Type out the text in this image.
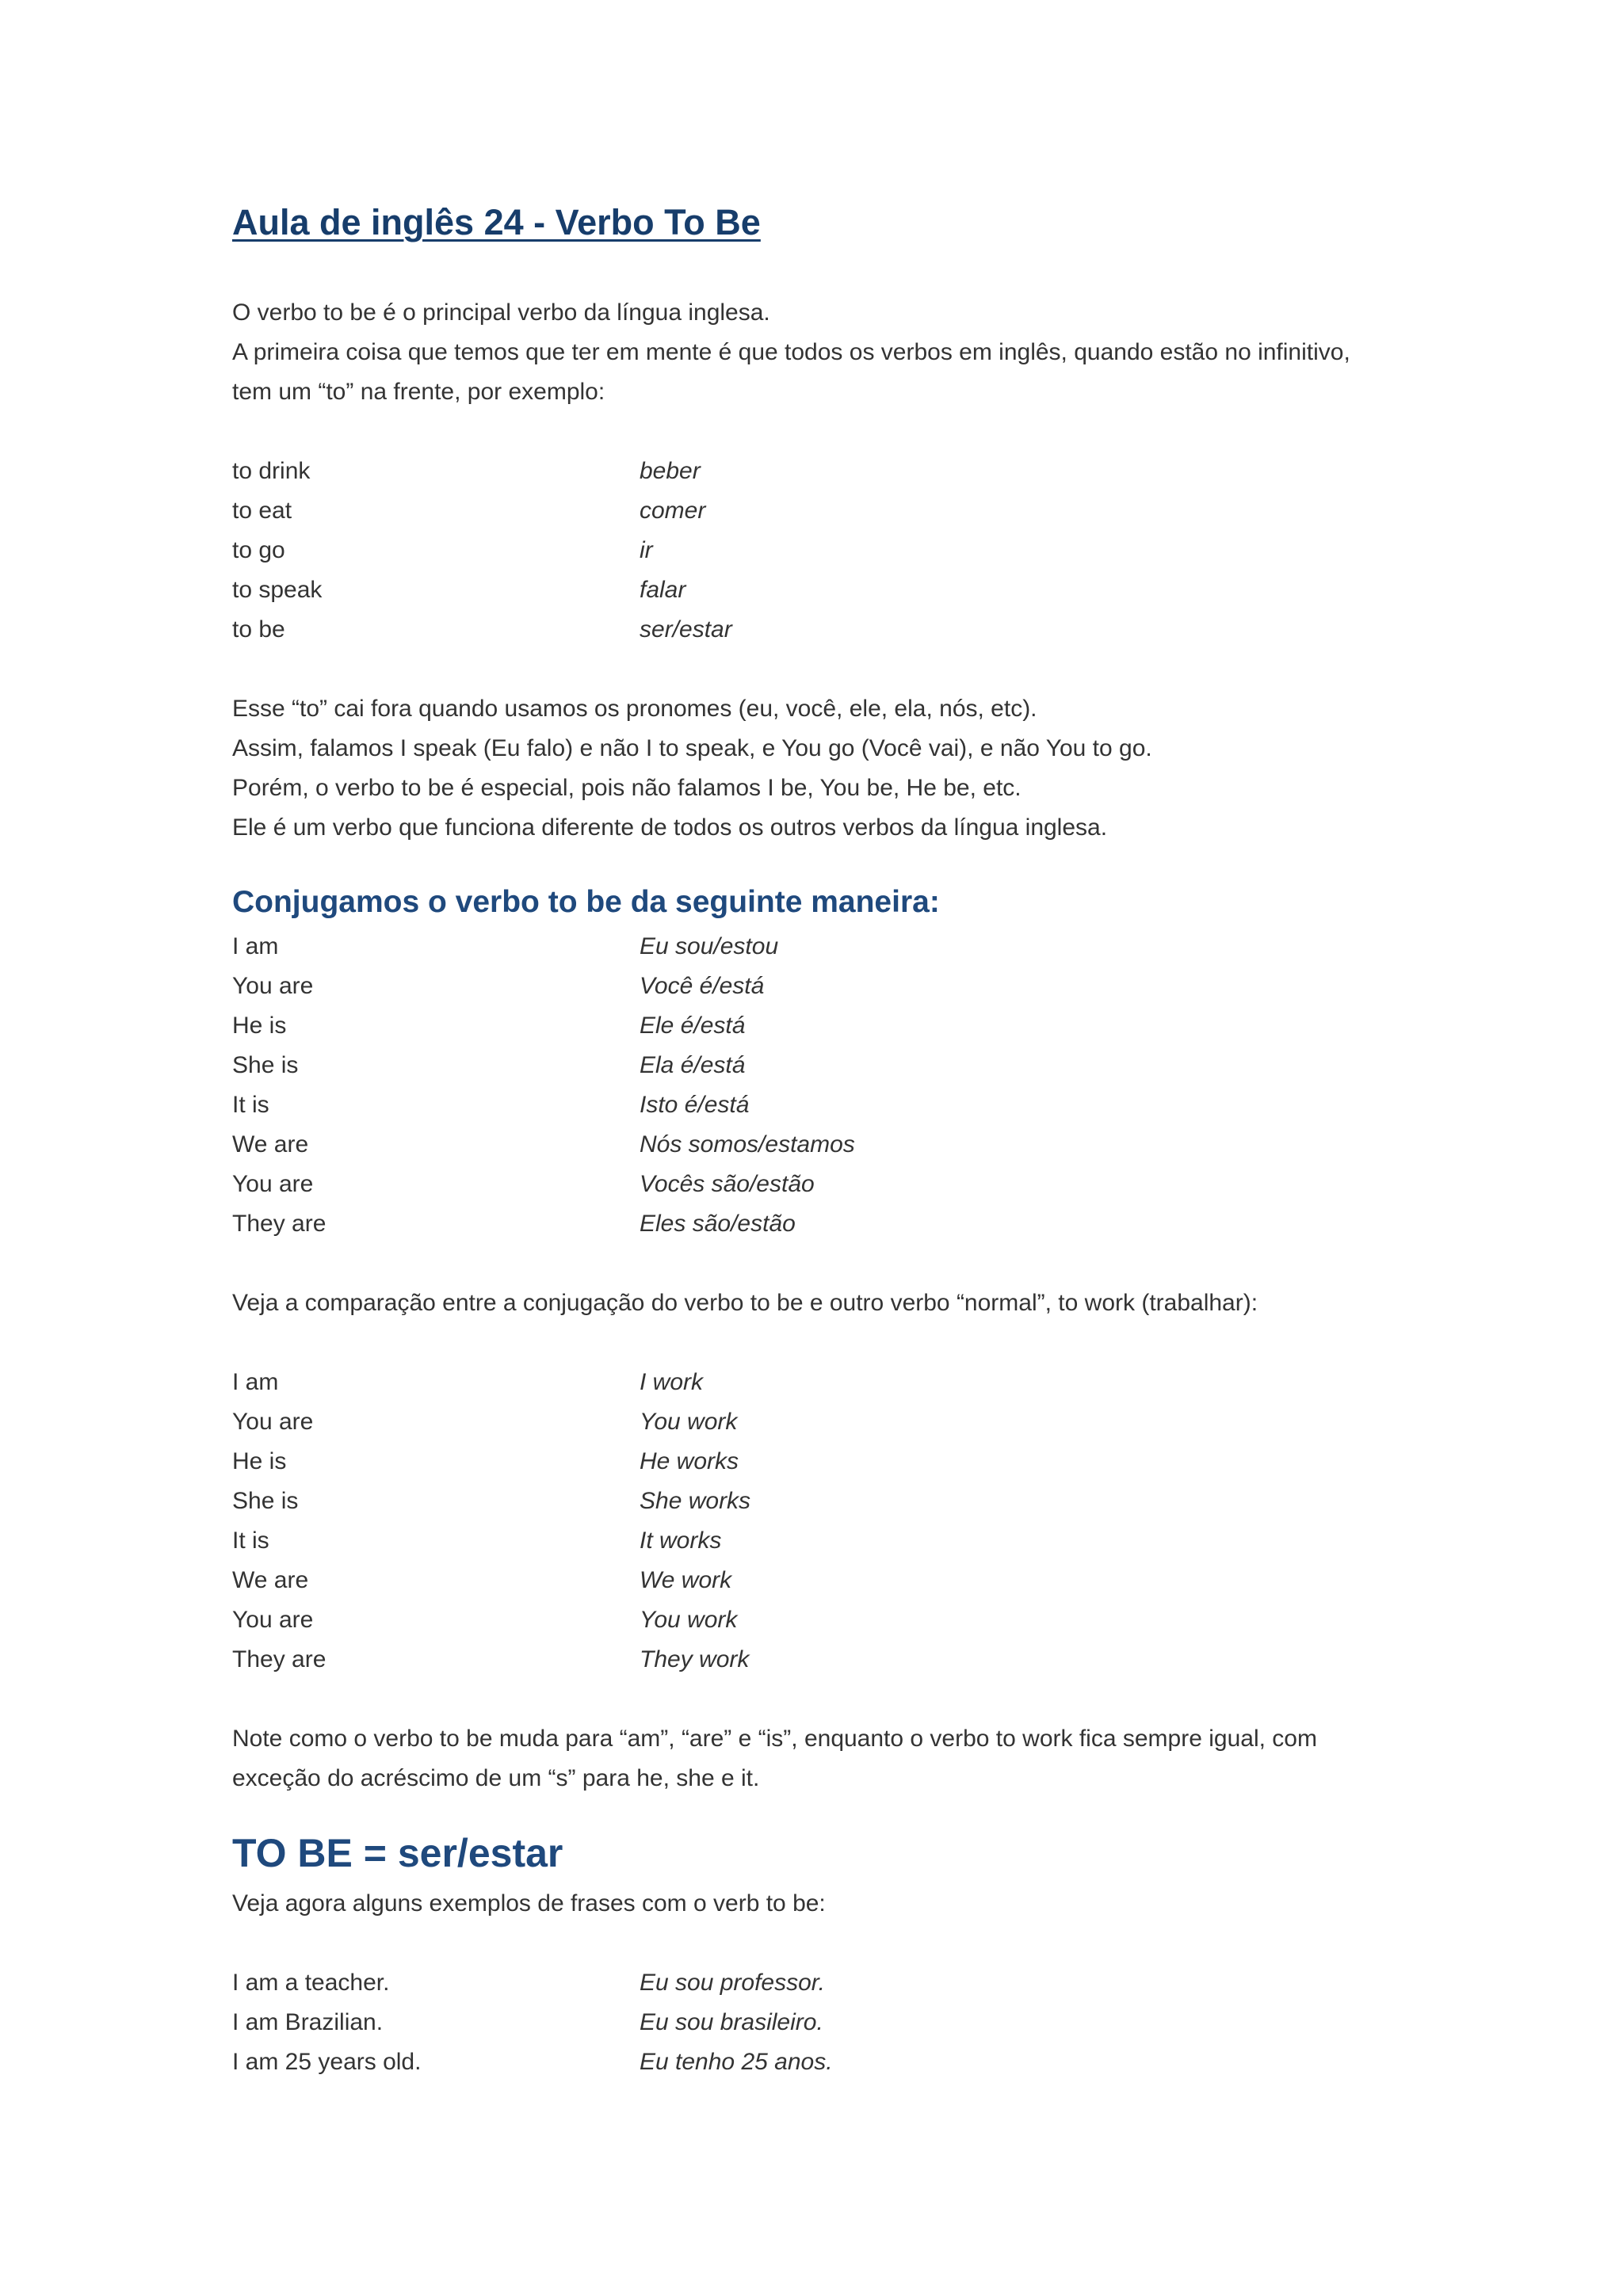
Aula de inglês 24 - Verbo To Be

O verbo to be é o principal verbo da língua inglesa.

A primeira coisa que temos que ter em mente é que todos os verbos em inglês, quando estão no infinitivo,

tem um “to” na frente, por exemplo:

to drink	beber
to eat	comer
to go	ir
to speak	falar
to be	ser/estar

Esse “to” cai fora quando usamos os pronomes (eu, você, ele, ela, nós, etc).

Assim, falamos I speak (Eu falo) e não I to speak, e You go (Você vai), e não You to go.

Porém, o verbo to be é especial, pois não falamos I be, You be, He be, etc.

Ele é um verbo que funciona diferente de todos os outros verbos da língua inglesa.

Conjugamos o verbo to be da seguinte maneira:
I am	Eu sou/estou
You are	Você é/está
He is	Ele é/está
She is	Ela é/está
It is	Isto é/está
We are	Nós somos/estamos
You are	Vocês são/estão
They are	Eles são/estão

Veja a comparação entre a conjugação do verbo to be e outro verbo “normal”, to work (trabalhar):

I am	I work
You are	You work
He is	He works
She is	She works
It is	It works
We are	We work
You are	You work
They are	They work

Note como o verbo to be muda para “am”, “are” e “is”, enquanto o verbo to work fica sempre igual, com

exceção do acréscimo de um “s” para he, she e it.

TO BE = ser/estar

Veja agora alguns exemplos de frases com o verb to be:

I am a teacher.	Eu sou professor.
I am Brazilian.	Eu sou brasileiro.
I am 25 years old.	Eu tenho 25 anos.
